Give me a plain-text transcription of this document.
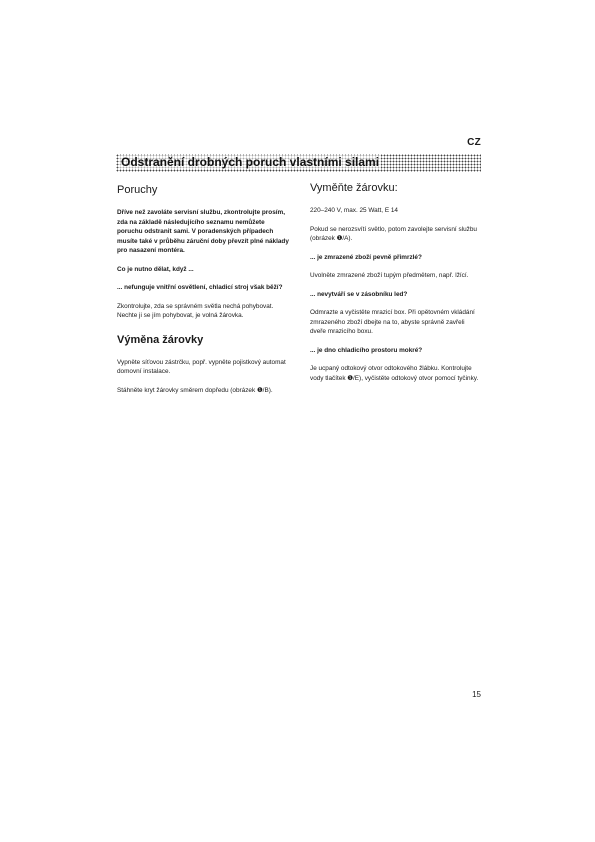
CZ
Odstranění drobných poruch vlastními silami
Poruchy

Dříve než zavoláte servisní službu, zkontrolujte prosím, zda na základě následujícího seznamu nemůžete poruchu odstranit sami. V poradenských případech musíte také v průběhu záruční doby převzít plné náklady pro nasazení montéra.

Co je nutno dělat, když ...

... nefunguje vnitřní osvětlení, chladicí stroj však běží?

Zkontrolujte, zda se správném světla nechá pohybovat. Nechte ji se jím pohybovat, je volná žárovka.

Výměna žárovky

Vypněte síťovou zástrčku, popř. vypněte pojistkový automat domovní instalace.

Stáhněte kryt žárovky směrem dopředu (obrázek ❶/B).

Vyměňte žárovku:

220–240 V, max. 25 Watt, E 14

Pokud se nerozsvítí světlo, potom zavolejte servisní službu (obrázek ❶/A).

... je zmrazené zboží pevně přimrzlé?

Uvolněte zmrazené zboží tupým předmětem, např. lžící.

... nevytváří se v zásobníku led?

Odmrazte a vyčistěte mrazicí box. Při opětovném vkládání zmrazeného zboží dbejte na to, abyste správně zavřeli dveře mrazicího boxu.

... je dno chladicího prostoru mokré?

Je ucpaný odtokový otvor odtokového žlábku. Kontrolujte vody tlačítek ❶/E), vyčistěte odtokový otvor pomocí tyčinky.

15
